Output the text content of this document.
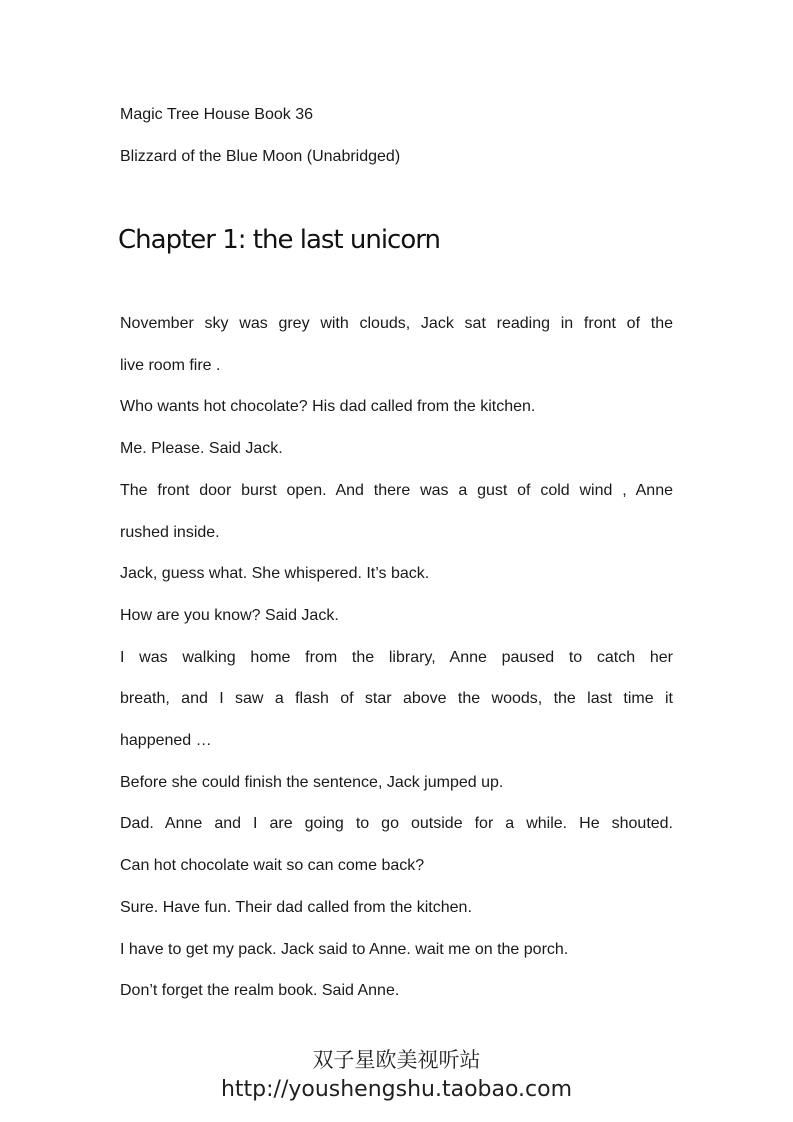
Magic Tree House Book 36
Blizzard of the Blue Moon (Unabridged)
Chapter 1: the last unicorn
November sky was grey with clouds, Jack sat reading in front of the
live room fire .
Who wants hot chocolate? His dad called from the kitchen.
Me. Please. Said Jack.
The front door burst open. And there was a gust of cold wind , Anne
rushed inside.
Jack, guess what. She whispered. It’s back.
How are you know? Said Jack.
I was walking home from the library, Anne paused to catch her
breath, and I saw a flash of star above the woods, the last time it
happened …
Before she could finish the sentence, Jack jumped up.
Dad. Anne and I are going to go outside for a while. He shouted.
Can hot chocolate wait so can come back?
Sure. Have fun. Their dad called from the kitchen.
I have to get my pack. Jack said to Anne. wait me on the porch.
Don’t forget the realm book. Said Anne.
双子星欧美视听站
http://youshengshu.taobao.com
